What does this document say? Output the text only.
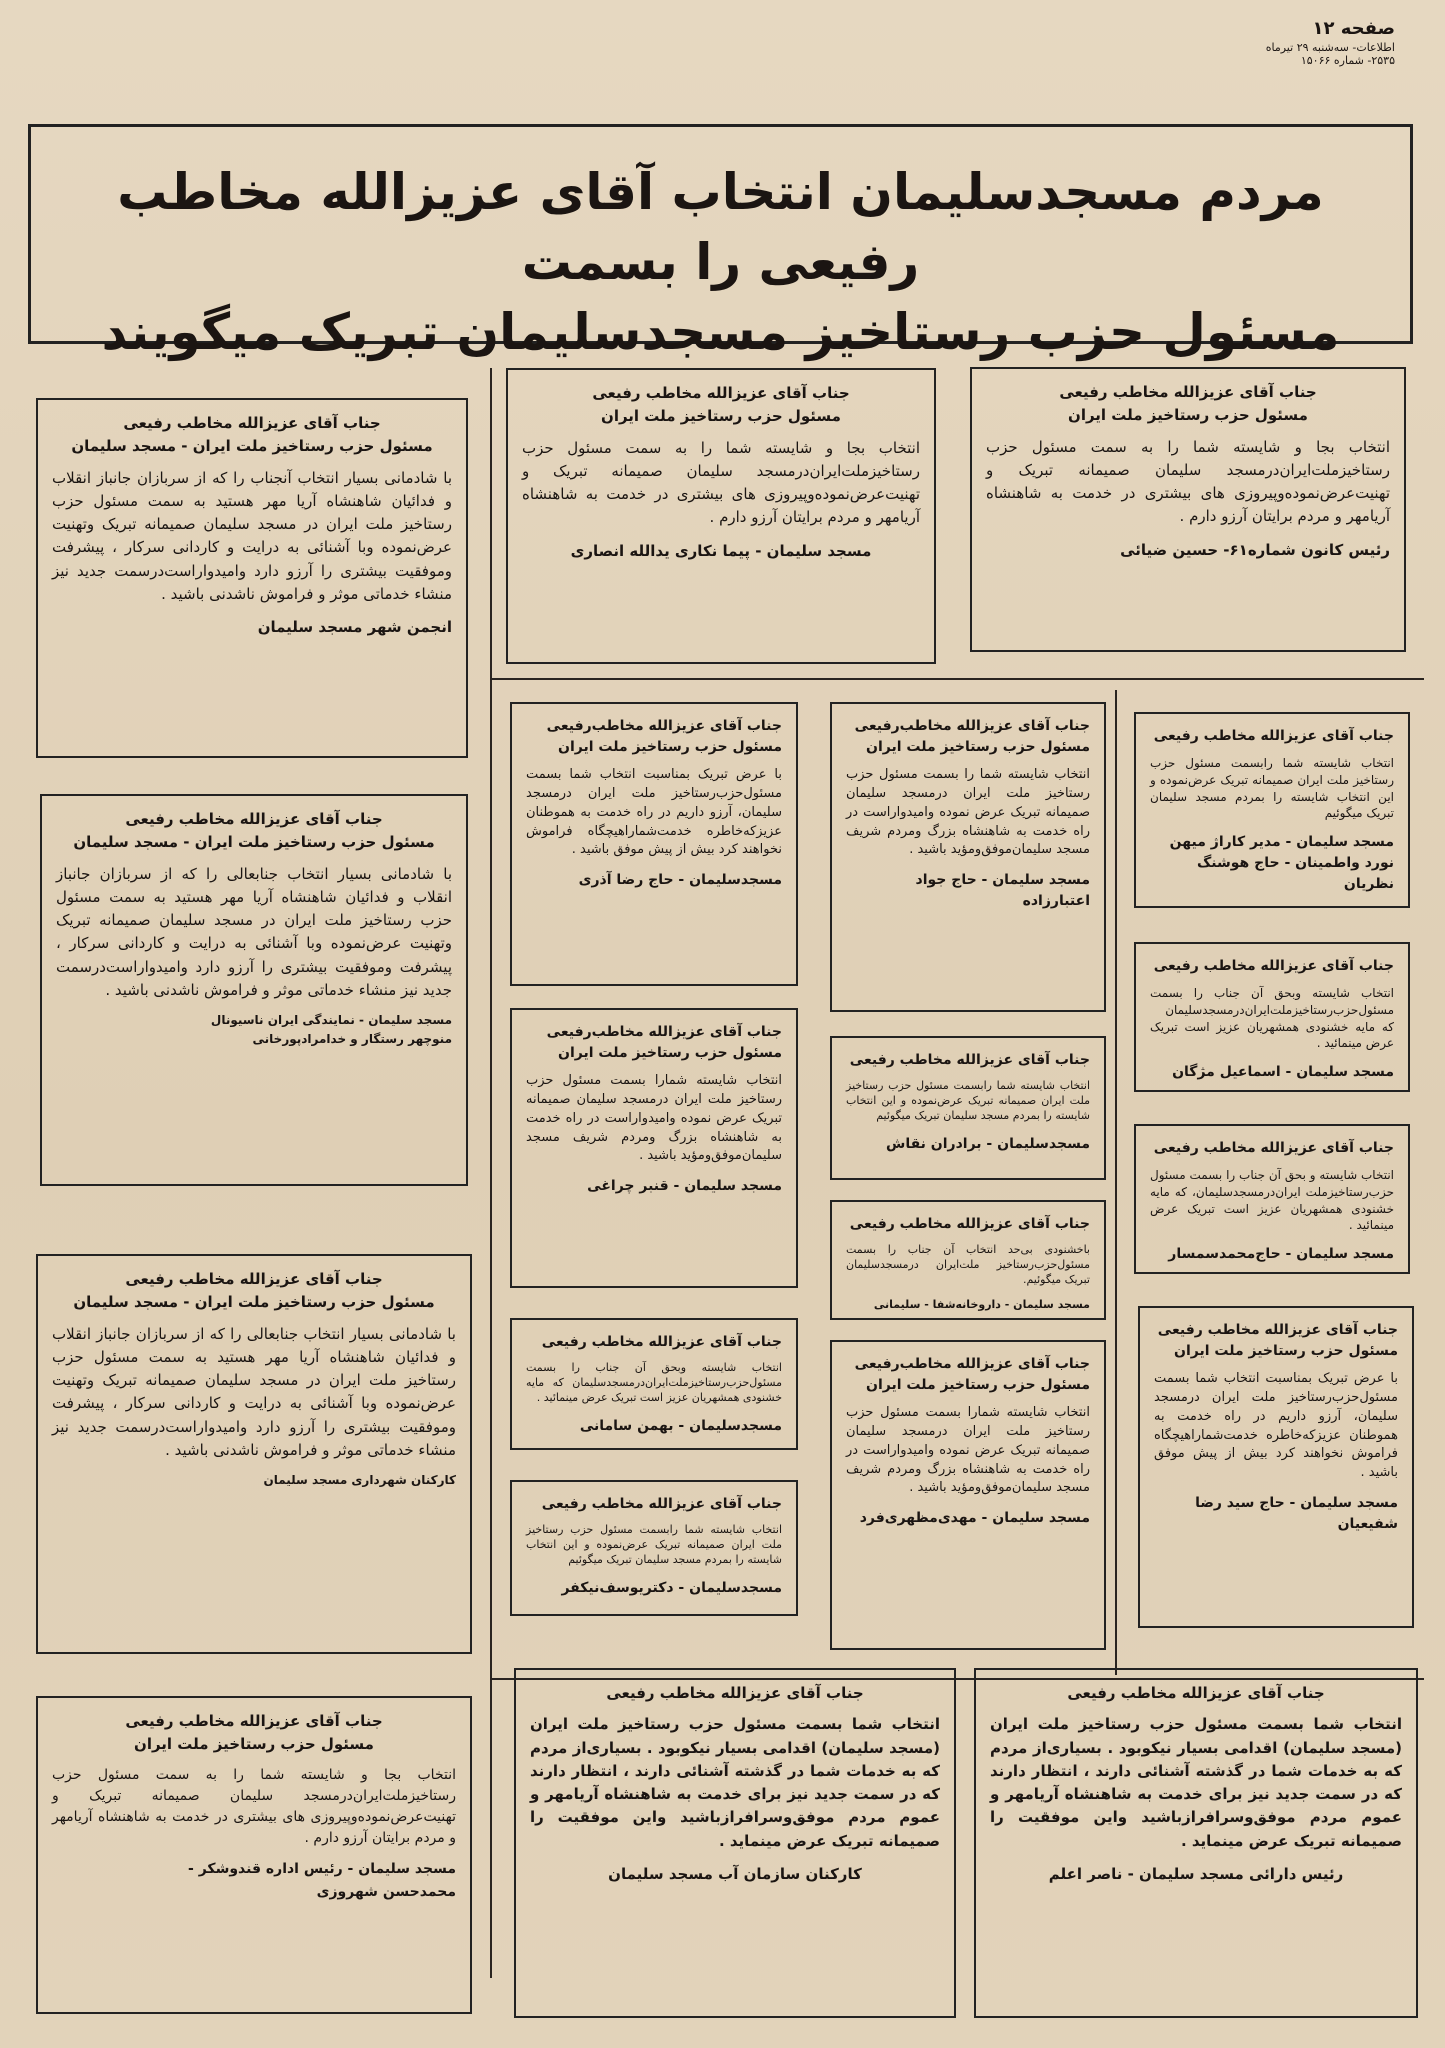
صفحه ۱۲
اطلاعات- سه‌شنبه ۲۹ تیرماه
۲۵۳۵- شماره ۱۵۰۶۶
مردم مسجدسلیمان انتخاب آقای عزیزالله مخاطب رفیعی را بسمت
مسئول حزب رستاخیز مسجدسلیمان تبریک میگویند
جناب آقای عزیزالله مخاطب رفیعی
مسئول حزب رستاخیز ملت ایران
انتخاب بجا و شایسته شما را به سمت مسئول حزب رستاخیزملت‌ایران‌درمسجد سلیمان صمیمانه تبریک و تهنیت‌عرض‌نموده‌وپیروزی های بیشتری در خدمت به شاهنشاه آریامهر و مردم برایتان آرزو دارم .
رئیس کانون شماره۶۱- حسین ضیائی
جناب آقای عزیزالله مخاطب رفیعی
مسئول حزب رستاخیز ملت ایران
انتخاب بجا و شایسته شما را به سمت مسئول حزب رستاخیزملت‌ایران‌درمسجد سلیمان صمیمانه تبریک و تهنیت‌عرض‌نموده‌وپیروزی های بیشتری در خدمت به شاهنشاه آریامهر و مردم برایتان آرزو دارم .
مسجد سلیمان - پیما نکاری یدالله انصاری
جناب آقای عزیزالله مخاطب رفیعی
مسئول حزب رستاخیز ملت ایران - مسجد سلیمان
با شادمانی بسیار انتخاب آنجناب را که از سربازان جانباز انقلاب و فدائیان شاهنشاه آریا مهر هستید به سمت مسئول حزب رستاخیز ملت ایران در مسجد سلیمان صمیمانه تبریک وتهنیت عرض‌نموده وبا آشنائی به درایت و کاردانی سرکار ، پیشرفت وموفقیت بیشتری را آرزو دارد وامیدواراست‌درسمت جدید نیز منشاء خدماتی موثر و فراموش ناشدنی باشید .
انجمن شهر مسجد سلیمان
جناب آقای عزیزالله مخاطب رفیعی
مسئول حزب رستاخیز ملت ایران - مسجد سلیمان
با شادمانی بسیار انتخاب جنابعالی را که از سربازان جانباز انقلاب و فدائیان شاهنشاه آریا مهر هستید به سمت مسئول حزب رستاخیز ملت ایران در مسجد سلیمان صمیمانه تبریک وتهنیت عرض‌نموده وبا آشنائی به درایت و کاردانی سرکار ، پیشرفت وموفقیت بیشتری را آرزو دارد وامیدواراست‌درسمت جدید نیز منشاء خدماتی موثر و فراموش ناشدنی باشید .
مسجد سلیمان - نمایندگی ایران ناسیونال
منوچهر رستگار و خدامرادپورخانی
جناب آقای عزیزالله مخاطب رفیعی
مسئول حزب رستاخیز ملت ایران - مسجد سلیمان
با شادمانی بسیار انتخاب جنابعالی را که از سربازان جانباز انقلاب و فدائیان شاهنشاه آریا مهر هستید به سمت مسئول حزب رستاخیز ملت ایران در مسجد سلیمان صمیمانه تبریک وتهنیت عرض‌نموده وبا آشنائی به درایت و کاردانی سرکار ، پیشرفت وموفقیت بیشتری را آرزو دارد وامیدواراست‌درسمت جدید نیز منشاء خدماتی موثر و فراموش ناشدنی باشید .
کارکنان شهرداری مسجد سلیمان
جناب آقای عزیزالله مخاطب رفیعی
انتخاب شایسته شما رابسمت مسئول حزب رستاخیز ملت ایران صمیمانه تبریک عرض‌نموده و این انتخاب شایسته را بمردم مسجد سلیمان تبریک میگوئیم
مسجد سلیمان - مدیر کاراژ میهن نورد واطمینان - حاج هوشنگ نظریان
جناب آقای عزیزالله مخاطب رفیعی
انتخاب شایسته وبحق آن جناب را بسمت مسئول‌حزب‌رستاخیز‌ملت‌ایران‌درمسجدسلیمان که مایه خشنودی همشهریان عزیز است تبریک عرض مینمائید .
مسجد سلیمان - اسماعیل مژگان
جناب آقای عزیزالله مخاطب رفیعی
انتخاب شایسته و بحق آن جناب را بسمت مسئول حزب‌رستاخیزملت ایران‌درمسجدسلیمان، که مایه خشنودی همشهریان عزیز است تبریک عرض مینمائید .
مسجد سلیمان - حاج‌محمدسمسار
جناب آقای عزیزالله مخاطب رفیعی
مسئول حزب رستاخیز ملت ایران
با عرض تبریک بمناسبت انتخاب شما بسمت مسئول‌حزب‌رستاخیز ملت ایران درمسجد سلیمان، آرزو داریم در راه خدمت به هموطنان عزیزکه‌خاطره خدمت‌شمارا‌هیچگاه فراموش نخواهند کرد بیش از پیش موفق باشید .
مسجد سلیمان - حاج سید رضا شفیعیان
جناب آقای عزیزالله مخاطب‌رفیعی
مسئول حزب رستاخیز ملت ایران
انتخاب شایسته شما را بسمت مسئول حزب رستاخیز ملت ایران درمسجد سلیمان صمیمانه تبریک عرض نموده وامیدواراست در راه خدمت به شاهنشاه بزرگ ومردم شریف مسجد سلیمان‌موفق‌ومؤید باشید .
مسجد سلیمان - حاج جواد اعتبارزاده
جناب آقای عزیزالله مخاطب رفیعی
انتخاب شایسته شما رابسمت مسئول حزب رستاخیز ملت ایران صمیمانه تبریک عرض‌نموده و این انتخاب شایسته را بمردم مسجد سلیمان تبریک میگوئیم
مسجدسلیمان - برادران نقاش
جناب آقای عزیزالله مخاطب رفیعی
باخشنودی بی‌حد انتخاب آن جناب را بسمت مسئول‌حزب‌رستاخیز ملت‌ایران درمسجدسلیمان تبریک میگوئیم.
مسجد سلیمان - داروخانه‌شفا - سلیمانی
جناب آقای عزیزالله مخاطب‌رفیعی
مسئول حزب رستاخیز ملت ایران
انتخاب شایسته شمارا بسمت مسئول حزب رستاخیز ملت ایران درمسجد سلیمان صمیمانه تبریک عرض نموده وامیدواراست در راه خدمت به شاهنشاه بزرگ ومردم شریف مسجد سلیمان‌موفق‌ومؤید باشید .
مسجد سلیمان - مهدی‌مظهری‌فرد
جناب آقای عزیزالله مخاطب‌رفیعی
مسئول حزب رستاخیز ملت ایران
با عرض تبریک بمناسبت انتخاب شما بسمت مسئول‌حزب‌رستاخیز ملت ایران درمسجد سلیمان، آرزو داریم در راه خدمت به هموطنان عزیزکه‌خاطره خدمت‌شمارا‌هیچگاه فراموش نخواهند کرد بیش از پیش موفق باشید .
مسجدسلیمان - حاج رضا آذری
جناب آقای عزیزالله مخاطب‌رفیعی
مسئول حزب رستاخیز ملت ایران
انتخاب شایسته شمارا بسمت مسئول حزب رستاخیز ملت ایران درمسجد سلیمان صمیمانه تبریک عرض نموده وامیدواراست در راه خدمت به شاهنشاه بزرگ ومردم شریف مسجد سلیمان‌موفق‌ومؤید باشید .
مسجد سلیمان - قنبر چراغی
جناب آقای عزیزالله مخاطب رفیعی
انتخاب شایسته وبحق آن جناب را بسمت مسئول‌حزب‌رستاخیز‌ملت‌ایران‌درمسجدسلیمان که مایه خشنودی همشهریان عزیز است تبریک عرض مینمائید .
مسجدسلیمان - بهمن سامانی
جناب آقای عزیزالله مخاطب رفیعی
انتخاب شایسته شما رابسمت مسئول حزب رستاخیز ملت ایران صمیمانه تبریک عرض‌نموده و این انتخاب شایسته را بمردم مسجد سلیمان تبریک میگوئیم
مسجدسلیمان - دکتریوسف‌نیکفر
جناب آقای عزیزالله مخاطب رفیعی
مسئول حزب رستاخیز ملت ایران
انتخاب بجا و شایسته شما را به سمت مسئول حزب رستاخیزملت‌ایران‌درمسجد سلیمان صمیمانه تبریک و تهنیت‌عرض‌نموده‌وپیروزی های بیشتری در خدمت به شاهنشاه آریامهر و مردم برایتان آرزو دارم .
مسجد سلیمان - رئیس اداره قندوشکر -
محمدحسن شهروزی
جناب آقای عزیزالله مخاطب رفیعی
انتخاب شما بسمت مسئول حزب رستاخیز ملت ایران (مسجد سلیمان) اقدامی بسیار نیکوبود . بسیاری‌از مردم که به خدمات شما در گذشته آشنائی دارند ، انتظار دارند که در سمت جدید نیز برای خدمت به شاهنشاه آریامهر و عموم مردم موفق‌وسرافرازباشید واین موفقیت را صمیمانه تبریک عرض مینماید .
کارکنان سازمان آب مسجد سلیمان
جناب آقای عزیزالله مخاطب رفیعی
انتخاب شما بسمت مسئول حزب رستاخیز ملت ایران (مسجد سلیمان) اقدامی بسیار نیکوبود . بسیاری‌از مردم که به خدمات شما در گذشته آشنائی دارند ، انتظار دارند که در سمت جدید نیز برای خدمت به شاهنشاه آریامهر و عموم مردم موفق‌وسرافرازباشید واین موفقیت را صمیمانه تبریک عرض مینماید .
رئیس دارائی مسجد سلیمان - ناصر اعلم
